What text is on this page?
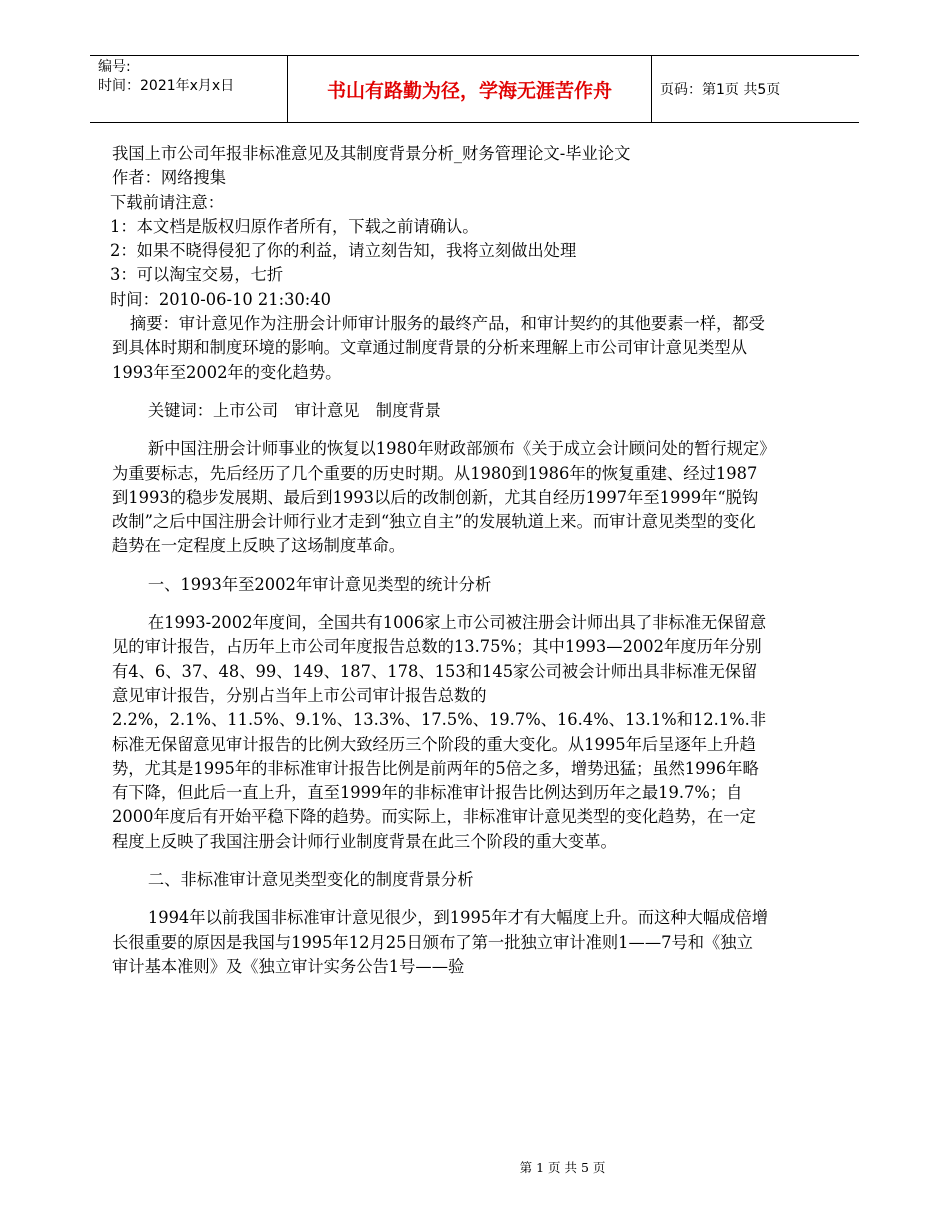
编号:
时间：2021年x月x日	书山有路勤为径，学海无涯苦作舟	页码：第1页 共5页

我国上市公司年报非标准意见及其制度背景分析_财务管理论文-毕业论文

作者：网络搜集

下载前请注意：

1：本文档是版权归原作者所有，下载之前请确认。

2：如果不晓得侵犯了你的利益，请立刻告知，我将立刻做出处理

3：可以淘宝交易，七折

时间：2010-06-10 21:30:40

摘要：审计意见作为注册会计师审计服务的最终产品，和审计契约的其他要素一样，都受到具体时期和制度环境的影响。文章通过制度背景的分析来理解上市公司审计意见类型从1993年至2002年的变化趋势。

关键词：上市公司　审计意见　制度背景

新中国注册会计师事业的恢复以1980年财政部颁布《关于成立会计顾问处的暂行规定》为重要标志，先后经历了几个重要的历史时期。从1980到1986年的恢复重建、经过1987到1993的稳步发展期、最后到1993以后的改制创新，尤其自经历1997年至1999年“脱钩改制”之后中国注册会计师行业才走到“独立自主”的发展轨道上来。而审计意见类型的变化趋势在一定程度上反映了这场制度革命。

一、1993年至2002年审计意见类型的统计分析

在1993-2002年度间，全国共有1006家上市公司被注册会计师出具了非标准无保留意见的审计报告，占历年上市公司年度报告总数的13.75%；其中1993—2002年度历年分别有4、6、37、48、99、149、187、178、153和145家公司被会计师出具非标准无保留意见审计报告，分别占当年上市公司审计报告总数的

2.2%，2.1%、11.5%、9.1%、13.3%、17.5%、19.7%、16.4%、13.1%和12.1%.非标准无保留意见审计报告的比例大致经历三个阶段的重大变化。从1995年后呈逐年上升趋势，尤其是1995年的非标准审计报告比例是前两年的5倍之多，增势迅猛；虽然1996年略有下降，但此后一直上升，直至1999年的非标准审计报告比例达到历年之最19.7%；自2000年度后有开始平稳下降的趋势。而实际上，非标准审计意见类型的变化趋势，在一定程度上反映了我国注册会计师行业制度背景在此三个阶段的重大变革。

二、非标准审计意见类型变化的制度背景分析

1994年以前我国非标准审计意见很少，到1995年才有大幅度上升。而这种大幅成倍增长很重要的原因是我国与1995年12月25日颁布了第一批独立审计准则1——7号和《独立审计基本准则》及《独立审计实务公告1号——验

第 1 页 共 5 页
